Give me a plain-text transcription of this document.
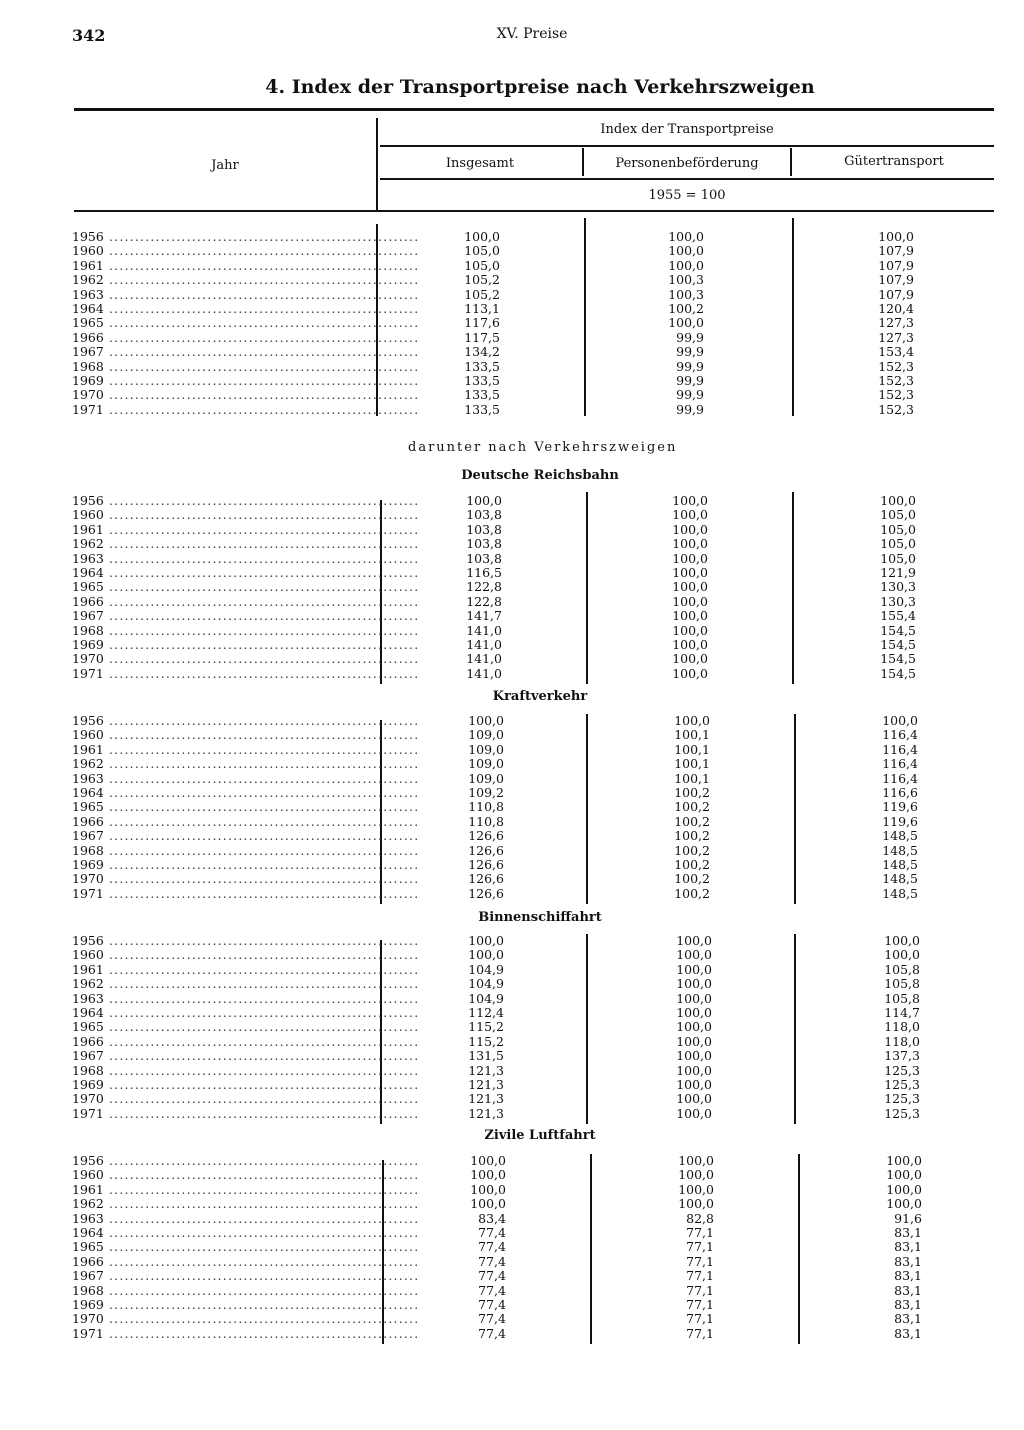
342	XV. Preise
4. Index der Transportpreise nach Verkehrszweigen
Jahr
Index der Transportpreise
Insgesamt	Personenbeförderung	Gütertransport
1955 = 100
1956 ............................................................	100,0	100,0	100,0
1960 ............................................................	105,0	100,0	107,9
1961 ............................................................	105,0	100,0	107,9
1962 ............................................................	105,2	100,3	107,9
1963 ............................................................	105,2	100,3	107,9
1964 ............................................................	113,1	100,2	120,4
1965 ............................................................	117,6	100,0	127,3
1966 ............................................................	117,5	99,9	127,3
1967 ............................................................	134,2	99,9	153,4
1968 ............................................................	133,5	99,9	152,3
1969 ............................................................	133,5	99,9	152,3
1970 ............................................................	133,5	99,9	152,3
1971 ............................................................	133,5	99,9	152,3
darunter nach Verkehrszweigen
Deutsche Reichsbahn
1956 ............................................................	100,0	100,0	100,0
1960 ............................................................	103,8	100,0	105,0
1961 ............................................................	103,8	100,0	105,0
1962 ............................................................	103,8	100,0	105,0
1963 ............................................................	103,8	100,0	105,0
1964 ............................................................	116,5	100,0	121,9
1965 ............................................................	122,8	100,0	130,3
1966 ............................................................	122,8	100,0	130,3
1967 ............................................................	141,7	100,0	155,4
1968 ............................................................	141,0	100,0	154,5
1969 ............................................................	141,0	100,0	154,5
1970 ............................................................	141,0	100,0	154,5
1971 ............................................................	141,0	100,0	154,5
Kraftverkehr
1956 ............................................................	100,0	100,0	100,0
1960 ............................................................	109,0	100,1	116,4
1961 ............................................................	109,0	100,1	116,4
1962 ............................................................	109,0	100,1	116,4
1963 ............................................................	109,0	100,1	116,4
1964 ............................................................	109,2	100,2	116,6
1965 ............................................................	110,8	100,2	119,6
1966 ............................................................	110,8	100,2	119,6
1967 ............................................................	126,6	100,2	148,5
1968 ............................................................	126,6	100,2	148,5
1969 ............................................................	126,6	100,2	148,5
1970 ............................................................	126,6	100,2	148,5
1971 ............................................................	126,6	100,2	148,5
Binnenschiffahrt
1956 ............................................................	100,0	100,0	100,0
1960 ............................................................	100,0	100,0	100,0
1961 ............................................................	104,9	100,0	105,8
1962 ............................................................	104,9	100,0	105,8
1963 ............................................................	104,9	100,0	105,8
1964 ............................................................	112,4	100,0	114,7
1965 ............................................................	115,2	100,0	118,0
1966 ............................................................	115,2	100,0	118,0
1967 ............................................................	131,5	100,0	137,3
1968 ............................................................	121,3	100,0	125,3
1969 ............................................................	121,3	100,0	125,3
1970 ............................................................	121,3	100,0	125,3
1971 ............................................................	121,3	100,0	125,3
Zivile Luftfahrt
1956 ............................................................	100,0	100,0	100,0
1960 ............................................................	100,0	100,0	100,0
1961 ............................................................	100,0	100,0	100,0
1962 ............................................................	100,0	100,0	100,0
1963 ............................................................	83,4	82,8	91,6
1964 ............................................................	77,4	77,1	83,1
1965 ............................................................	77,4	77,1	83,1
1966 ............................................................	77,4	77,1	83,1
1967 ............................................................	77,4	77,1	83,1
1968 ............................................................	77,4	77,1	83,1
1969 ............................................................	77,4	77,1	83,1
1970 ............................................................	77,4	77,1	83,1
1971 ............................................................	77,4	77,1	83,1
